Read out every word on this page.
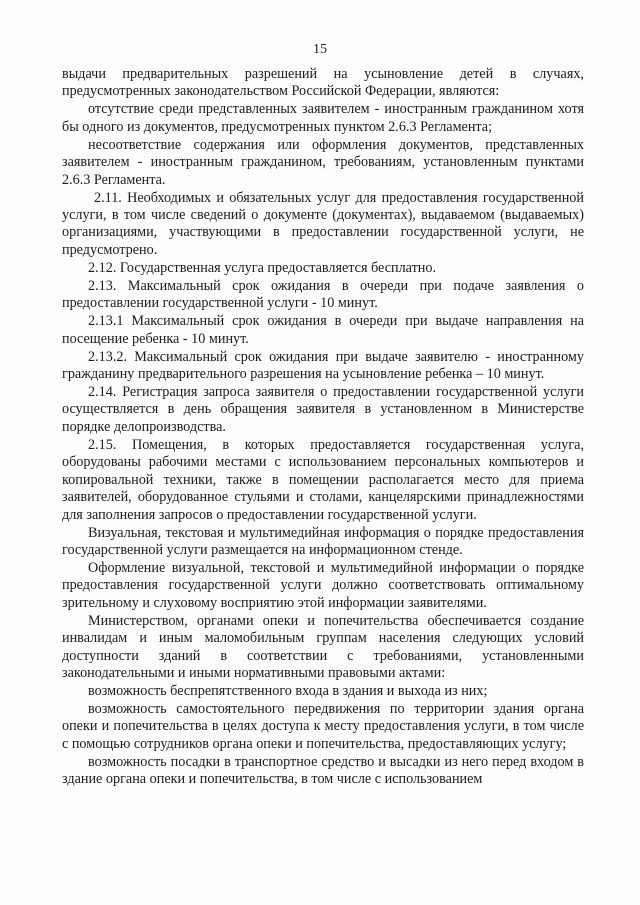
15

выдачи предварительных разрешений на усыновление детей в случаях, предусмотренных законодательством Российской Федерации, являются:

отсутствие среди представленных заявителем - иностранным гражданином хотя бы одного из документов, предусмотренных пунктом 2.6.3 Регламента;

несоответствие содержания или оформления документов, представленных заявителем - иностранным гражданином, требованиям, установленным пунктами 2.6.3 Регламента.

2.11. Необходимых и обязательных услуг для предоставления государственной услуги, в том числе сведений о документе (документах), выдаваемом (выдаваемых) организациями, участвующими в предоставлении государственной услуги, не предусмотрено.

2.12. Государственная услуга предоставляется бесплатно.

2.13. Максимальный срок ожидания в очереди при подаче заявления о предоставлении государственной услуги - 10 минут.

2.13.1 Максимальный срок ожидания в очереди при выдаче направления на посещение ребенка - 10 минут.

2.13.2. Максимальный срок ожидания при выдаче заявителю - иностранному гражданину предварительного разрешения на усыновление ребенка – 10 минут.

2.14. Регистрация запроса заявителя о предоставлении государственной услуги осуществляется в день обращения заявителя в установленном в Министерстве порядке делопроизводства.

2.15. Помещения, в которых предоставляется государственная услуга, оборудованы рабочими местами с использованием персональных компьютеров и копировальной техники, также в помещении располагается место для приема заявителей, оборудованное стульями и столами, канцелярскими принадлежностями для заполнения запросов о предоставлении государственной услуги.

Визуальная, текстовая и мультимедийная информация о порядке предоставления государственной услуги размещается на информационном стенде.

Оформление визуальной, текстовой и мультимедийной информации о порядке предоставления государственной услуги должно соответствовать оптимальному зрительному и слуховому восприятию этой информации заявителями.

Министерством, органами опеки и попечительства обеспечивается создание инвалидам и иным маломобильным группам населения следующих условий доступности зданий в соответствии с требованиями, установленными законодательными и иными нормативными правовыми актами:

возможность беспрепятственного входа в здания и выхода из них;

возможность самостоятельного передвижения по территории здания органа опеки и попечительства в целях доступа к месту предоставления услуги, в том числе с помощью сотрудников органа опеки и попечительства, предоставляющих услугу;

возможность посадки в транспортное средство и высадки из него перед входом в здание органа опеки и попечительства, в том числе с использованием
